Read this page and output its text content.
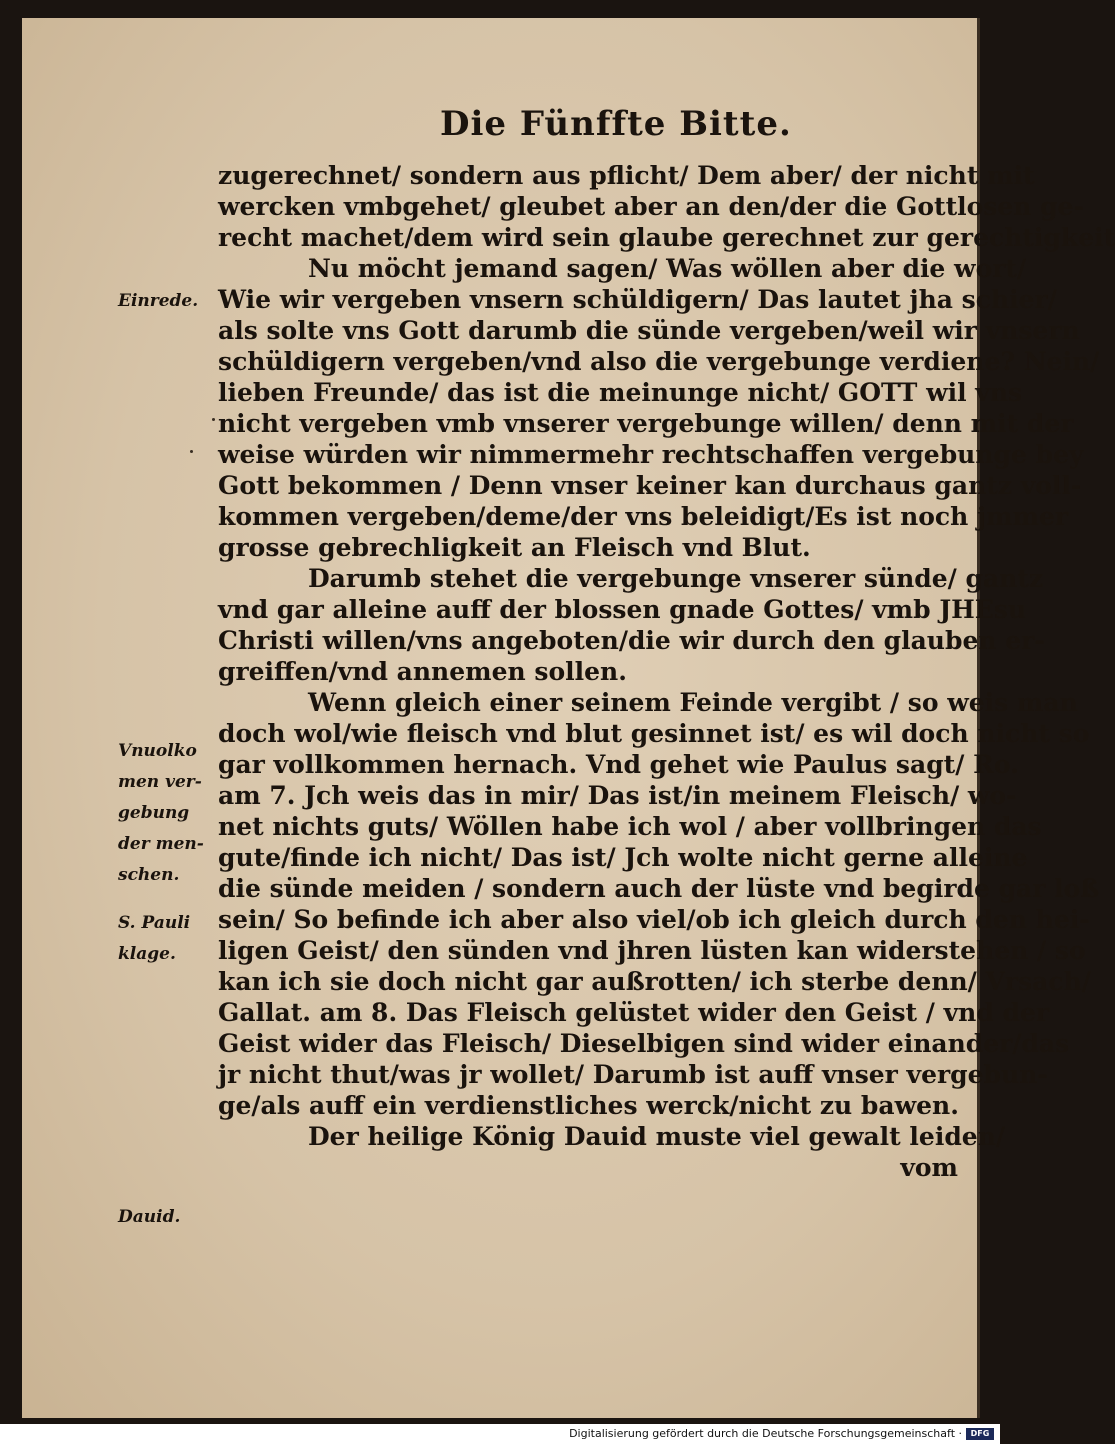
Die Fünffte Bitte.
Einrede.
Vnuolko
men ver-
gebung
der men-
schen.
S. Pauli
klage.
Dauid.
zugerechnet/ sondern aus pflicht/ Dem aber/ der nicht mit
wercken vmbgehet/ gleubet aber an den/der die Gottlosen ge-
recht machet/dem wird sein glaube gerechnet zur gerechtigkeit
Nu möcht jemand sagen/ Was wöllen aber die wort/
Wie wir vergeben vnsern schüldigern/ Das lautet jha schier/
als solte vns Gott darumb die sünde vergeben/weil wir vnsern
schüldigern vergeben/vnd also die vergebunge verdiene? Nein/
lieben Freunde/ das ist die meinunge nicht/ GOTT wil vns
nicht vergeben vmb vnserer vergebunge willen/ denn mit der
weise würden wir nimmermehr rechtschaffen vergebunge bey
Gott bekommen / Denn vnser keiner kan durchaus gantz voll-
kommen vergeben/deme/der vns beleidigt/Es ist noch jmmer
grosse gebrechligkeit an Fleisch vnd Blut.
Darumb stehet die vergebunge vnserer sünde/ gantz
vnd gar alleine auff der blossen gnade Gottes/ vmb JHEsu
Christi willen/vns angeboten/die wir durch den glauben er-
greiffen/vnd annemen sollen.
Wenn gleich einer seinem Feinde vergibt / so weis man
doch wol/wie fleisch vnd blut gesinnet ist/ es wil doch nicht so
gar vollkommen hernach. Vnd gehet wie Paulus sagt/ Ro.
am 7. Jch weis das in mir/ Das ist/in meinem Fleisch/ wo-
net nichts guts/ Wöllen habe ich wol / aber vollbringen das
gute/finde ich nicht/ Das ist/ Jch wolte nicht gerne alleine
die sünde meiden / sondern auch der lüste vnd begirde gar loß
sein/ So befinde ich aber also viel/ob ich gleich durch den hei-
ligen Geist/ den sünden vnd jhren lüsten kan widerstehen / so
kan ich sie doch nicht gar außrotten/ ich sterbe denn/ Vrsach/
Gallat. am 8. Das Fleisch gelüstet wider den Geist / vnd der
Geist wider das Fleisch/ Dieselbigen sind wider einander/das
jr nicht thut/was jr wollet/ Darumb ist auff vnser vergebun-
ge/als auff ein verdienstliches werck/nicht zu bawen.
Der heilige König Dauid muste viel gewalt leiden/
vom
Digitalisierung gefördert durch die Deutsche Forschungsgemeinschaft ·	DFG
